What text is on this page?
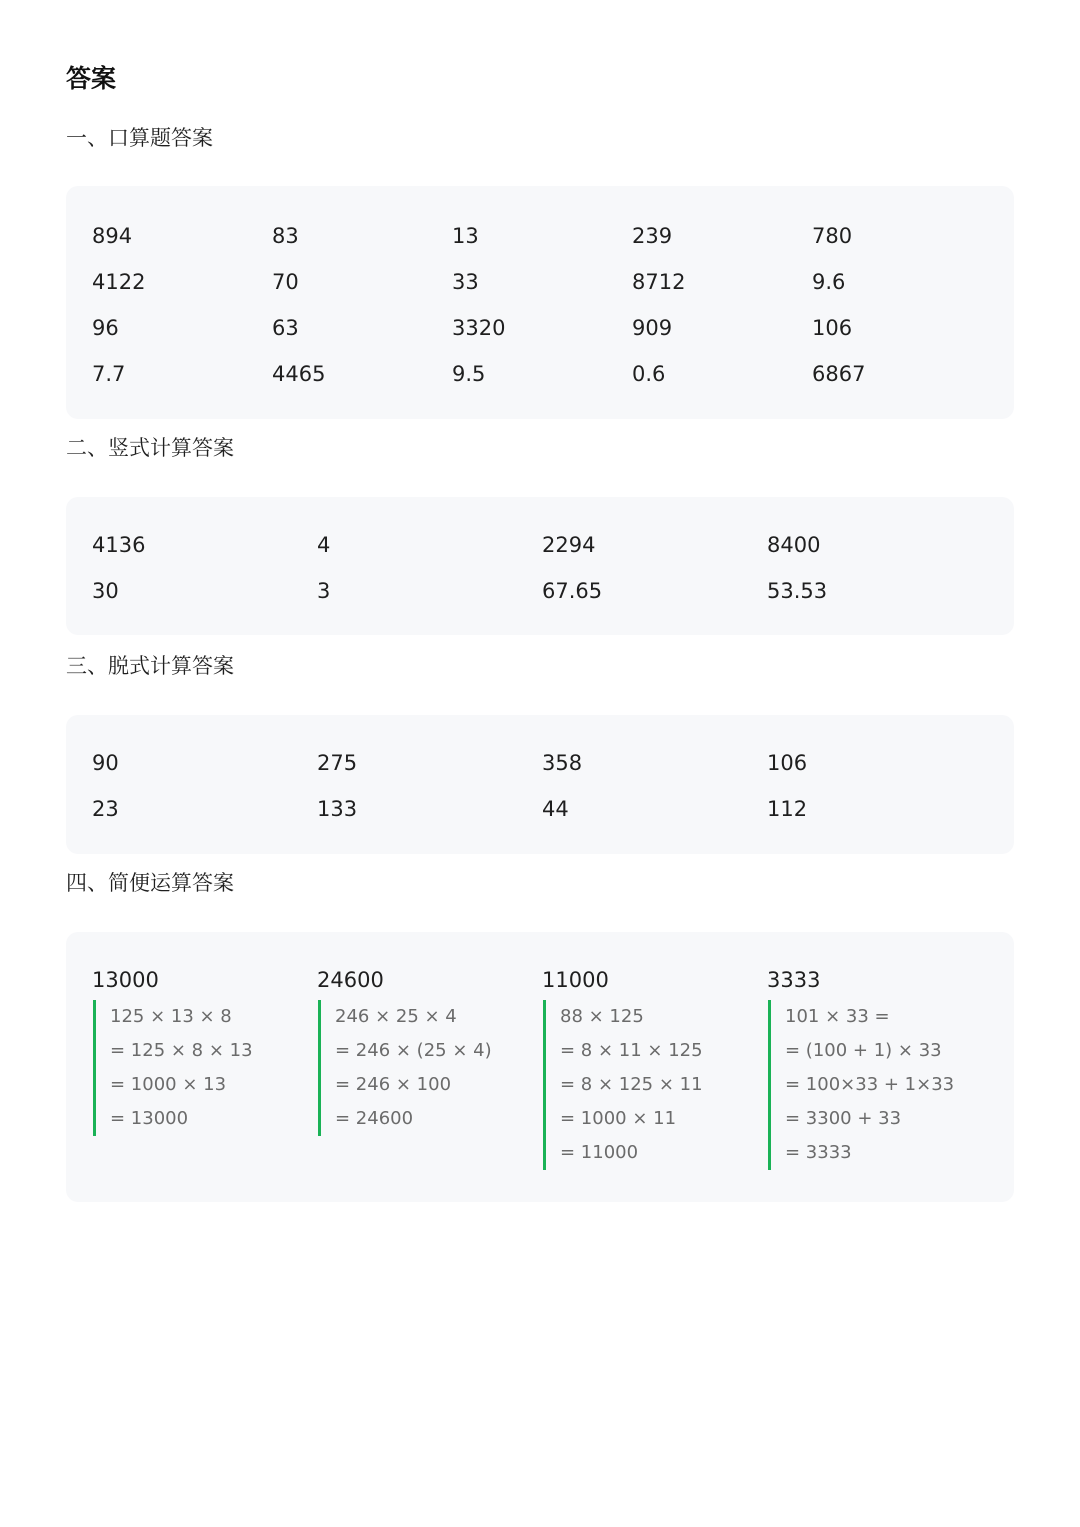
答案
一、口算题答案
894	83	13	239	780
4122	70	33	8712	9.6
96	63	3320	909	106
7.7	4465	9.5	0.6	6867
二、竖式计算答案
4136	4	2294	8400
30	3	67.65	53.53
三、脱式计算答案
90	275	358	106
23	133	44	112
四、简便运算答案
13000
125 × 13 × 8
= 125 × 8 × 13
= 1000 × 13
= 13000
24600
246 × 25 × 4
= 246 × (25 × 4)
= 246 × 100
= 24600
11000
88 × 125
= 8 × 11 × 125
= 8 × 125 × 11
= 1000 × 11
= 11000
3333
101 × 33 =
= (100 + 1) × 33
= 100×33 + 1×33
= 3300 + 33
= 3333
